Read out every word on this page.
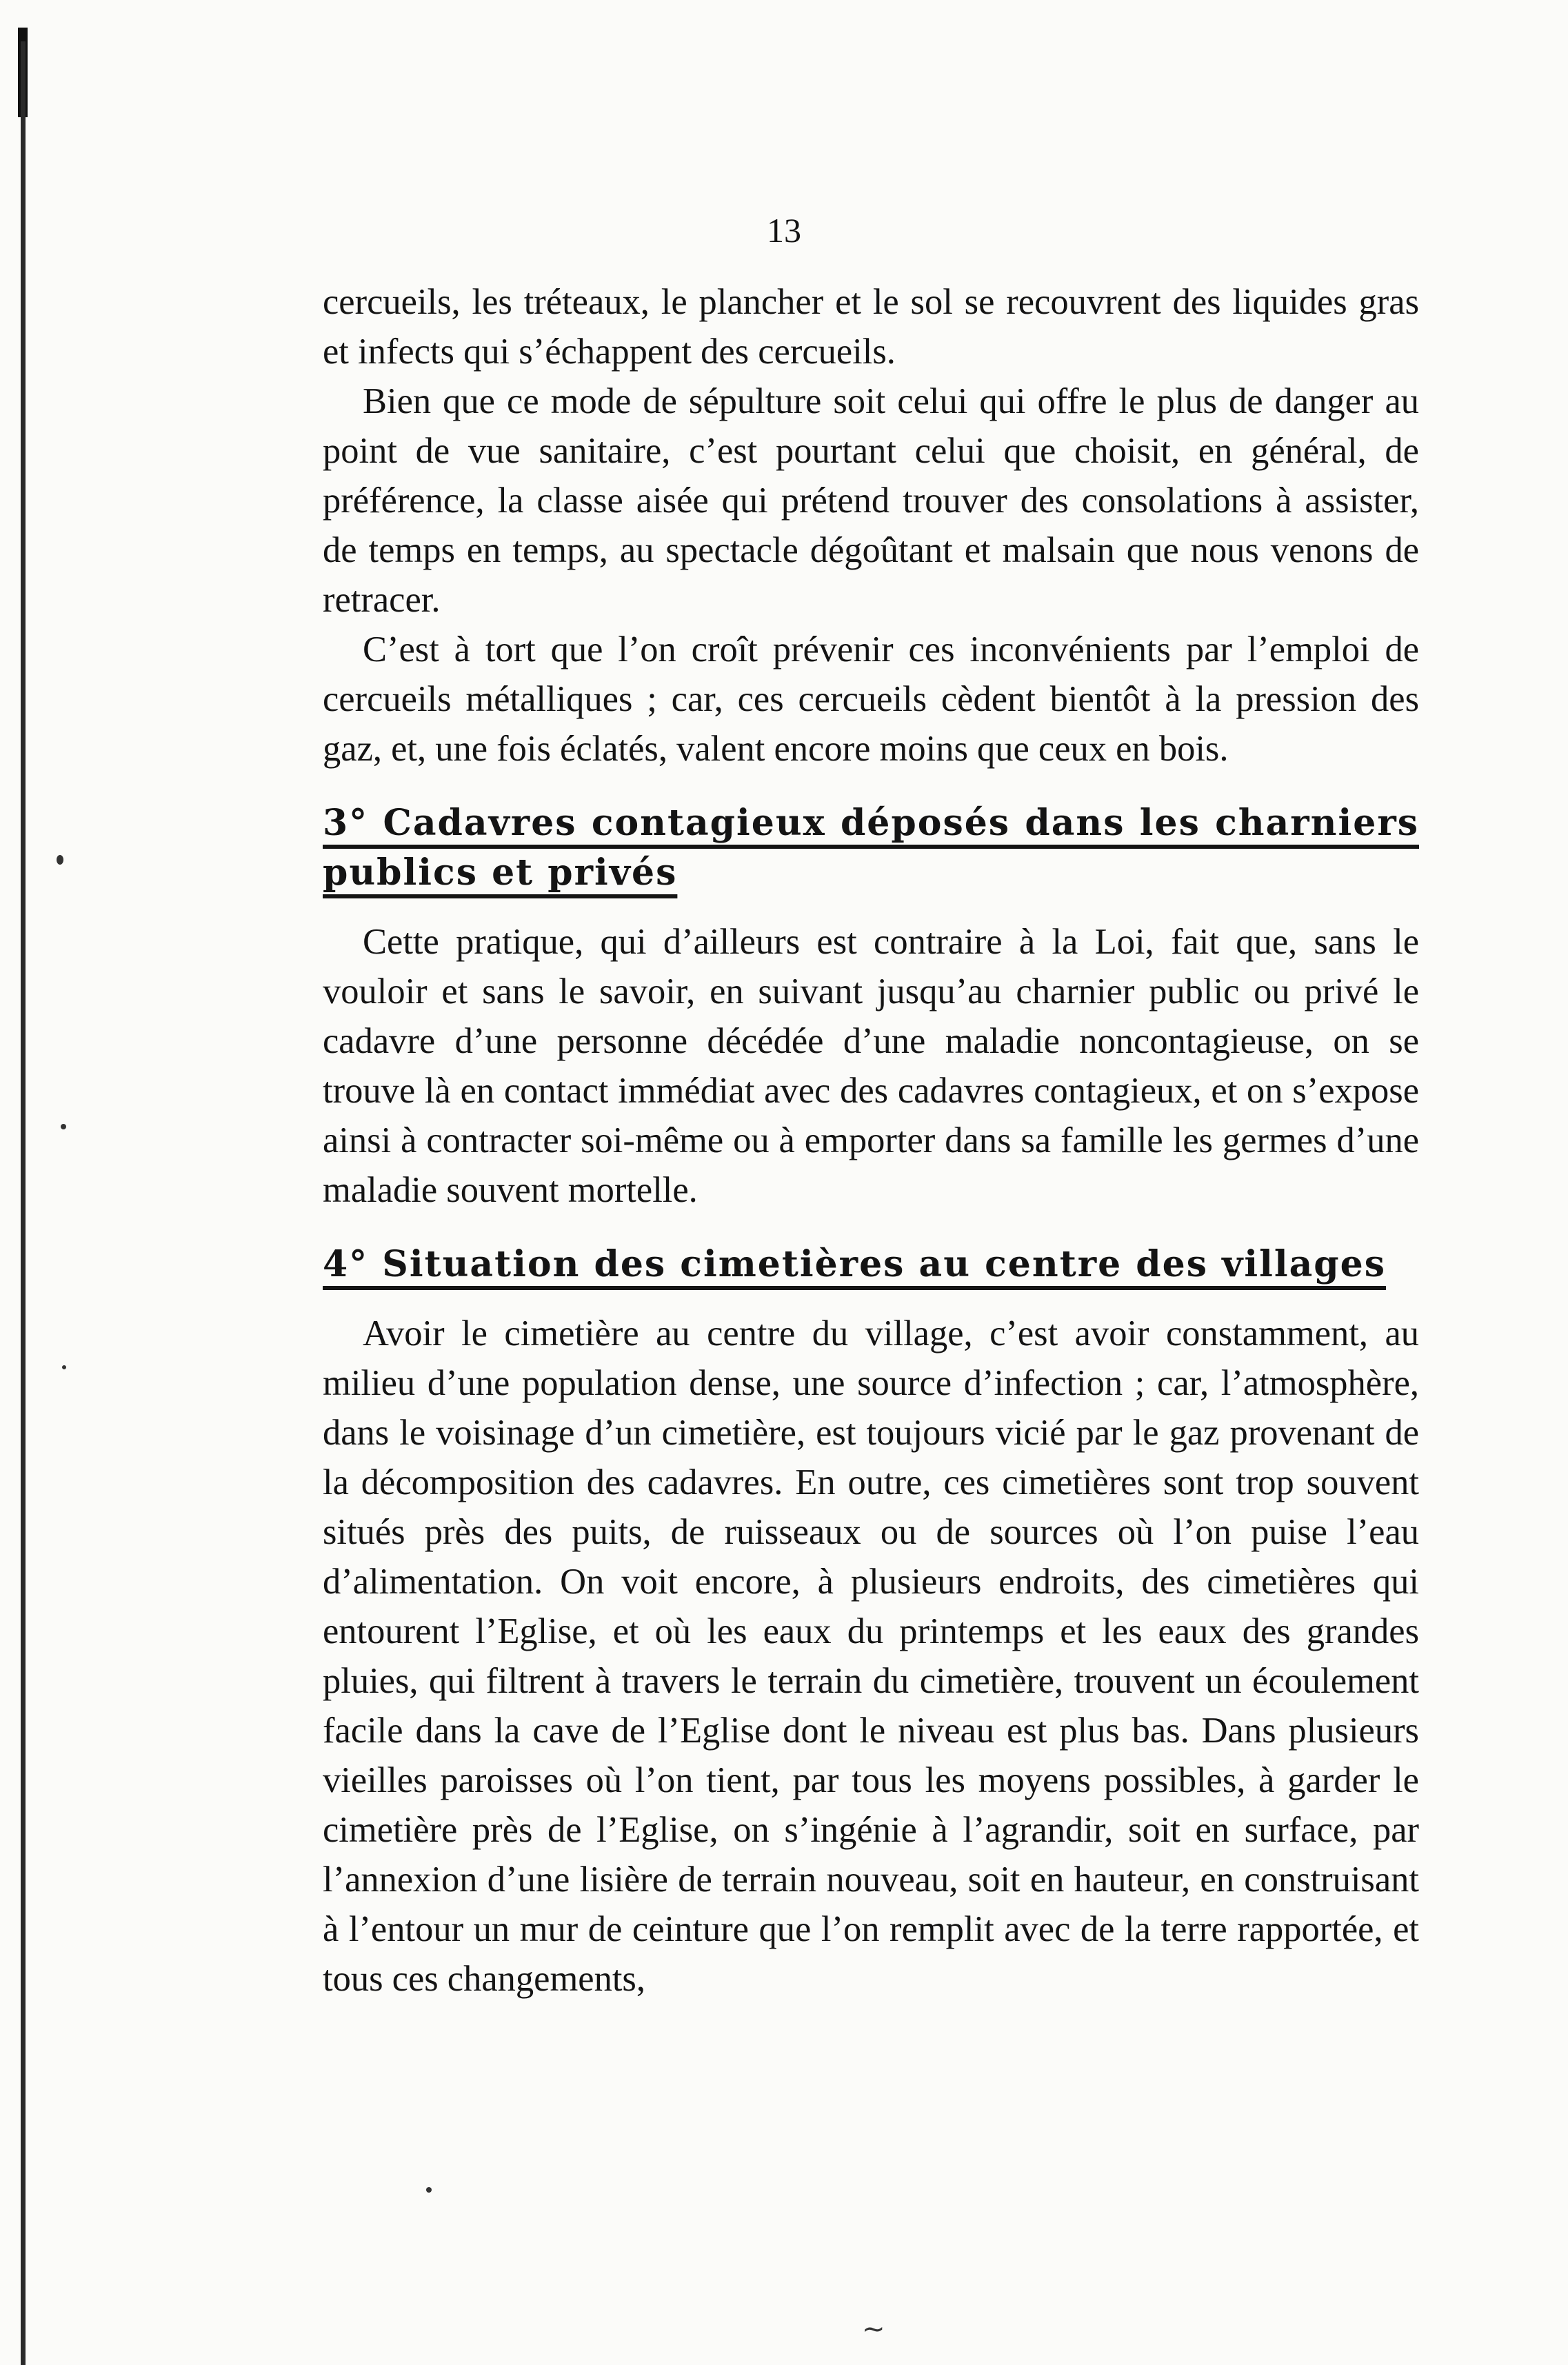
13

cercueils, les tréteaux, le plancher et le sol se recouvrent des liquides gras et infects qui s’échappent des cercueils.

Bien que ce mode de sépulture soit celui qui offre le plus de danger au point de vue sanitaire, c’est pourtant celui que choisit, en général, de préférence, la classe aisée qui prétend trouver des consolations à assister, de temps en temps, au spectacle dégoûtant et malsain que nous venons de retracer.

C’est à tort que l’on croît prévenir ces inconvénients par l’emploi de cercueils métalliques ; car, ces cercueils cèdent bientôt à la pression des gaz, et, une fois éclatés, valent encore moins que ceux en bois.

3° Cadavres contagieux déposés dans les charniers publics et privés

Cette pratique, qui d’ailleurs est contraire à la Loi, fait que, sans le vouloir et sans le savoir, en suivant jusqu’au charnier public ou privé le cadavre d’une personne décédée d’une maladie noncontagieuse, on se trouve là en contact immédiat avec des cadavres contagieux, et on s’expose ainsi à contracter soi-même ou à emporter dans sa famille les germes d’une maladie souvent mortelle.

4° Situation des cimetières au centre des villages

Avoir le cimetière au centre du village, c’est avoir constamment, au milieu d’une population dense, une source d’infection ; car, l’atmosphère, dans le voisinage d’un cimetière, est toujours vicié par le gaz provenant de la décomposition des cadavres. En outre, ces cimetières sont trop souvent situés près des puits, de ruisseaux ou de sources où l’on puise l’eau d’alimentation. On voit encore, à plusieurs endroits, des cimetières qui entourent l’Eglise, et où les eaux du printemps et les eaux des grandes pluies, qui filtrent à travers le terrain du cimetière, trouvent un écoulement facile dans la cave de l’Eglise dont le niveau est plus bas. Dans plusieurs vieilles paroisses où l’on tient, par tous les moyens possibles, à garder le cimetière près de l’Eglise, on s’ingénie à l’agrandir, soit en surface, par l’annexion d’une lisière de terrain nouveau, soit en hauteur, en construisant à l’entour un mur de ceinture que l’on remplit avec de la terre rapportée, et tous ces changements,

~
